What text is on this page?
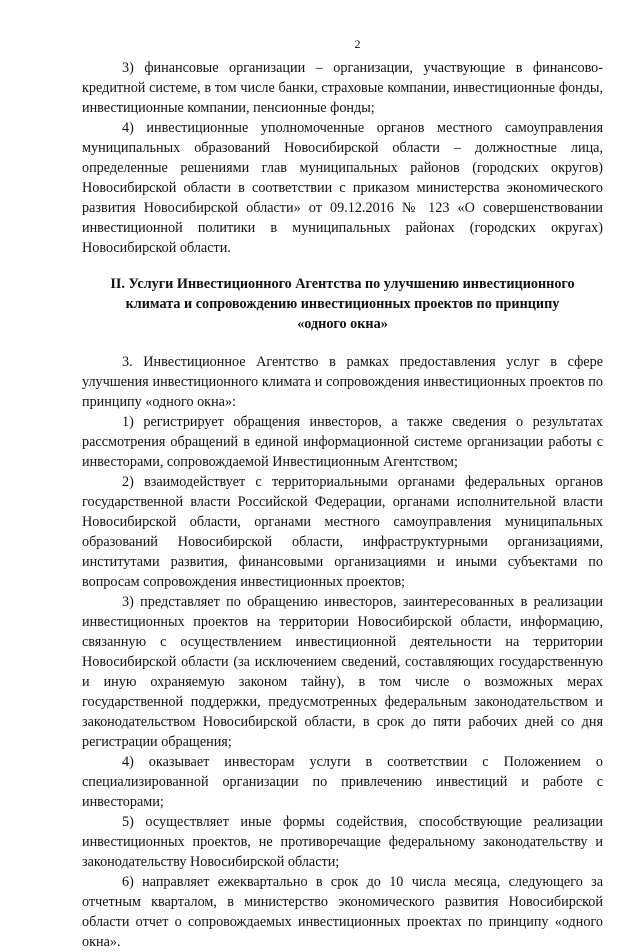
2

3) финансовые организации – организации, участвующие в финансово-кредитной системе, в том числе банки, страховые компании, инвестиционные фонды, инвестиционные компании, пенсионные фонды;

4) инвестиционные уполномоченные органов местного самоуправления муниципальных образований Новосибирской области – должностные лица, определенные решениями глав муниципальных районов (городских округов) Новосибирской области в соответствии с приказом министерства экономического развития Новосибирской области» от 09.12.2016 № 123 «О совершенствовании инвестиционной политики в муниципальных районах (городских округах) Новосибирской области.

II. Услуги Инвестиционного Агентства по улучшению инвестиционного климата и сопровождению инвестиционных проектов по принципу «одного окна»

3. Инвестиционное Агентство в рамках предоставления услуг в сфере улучшения инвестиционного климата и сопровождения инвестиционных проектов по принципу «одного окна»:

1) регистрирует обращения инвесторов, а также сведения о результатах рассмотрения обращений в единой информационной системе организации работы с инвесторами, сопровождаемой Инвестиционным Агентством;

2) взаимодействует с территориальными органами федеральных органов государственной власти Российской Федерации, органами исполнительной власти Новосибирской области, органами местного самоуправления муниципальных образований Новосибирской области, инфраструктурными организациями, институтами развития, финансовыми организациями и иными субъектами по вопросам сопровождения инвестиционных проектов;

3) представляет по обращению инвесторов, заинтересованных в реализации инвестиционных проектов на территории Новосибирской области, информацию, связанную с осуществлением инвестиционной деятельности на территории Новосибирской области (за исключением сведений, составляющих государственную и иную охраняемую законом тайну), в том числе о возможных мерах государственной поддержки, предусмотренных федеральным законодательством и законодательством Новосибирской области, в срок до пяти рабочих дней со дня регистрации обращения;

4) оказывает инвесторам услуги в соответствии с Положением о специализированной организации по привлечению инвестиций и работе с инвесторами;

5) осуществляет иные формы содействия, способствующие реализации инвестиционных проектов, не противоречащие федеральному законодательству и законодательству Новосибирской области;

6) направляет ежеквартально в срок до 10 числа месяца, следующего за отчетным кварталом, в министерство экономического развития Новосибирской области отчет о сопровождаемых инвестиционных проектах по принципу «одного окна».
